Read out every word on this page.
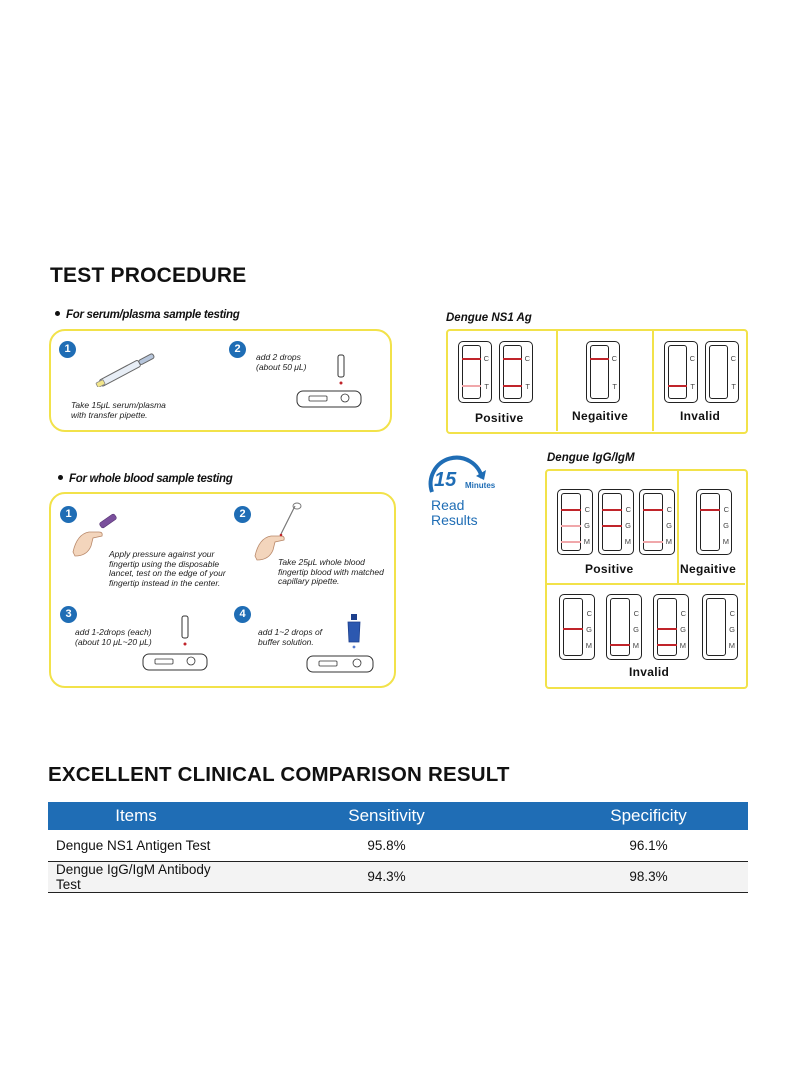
TEST PROCEDURE
For serum/plasma sample testing
1
Take 15μL serum/plasma
with transfer pipette.
2
add 2 drops
(about 50 μL)
For whole blood sample testing
1
Apply pressure against your
fingertip using the disposable
lancet, test on the edge of your
fingertip instead in the center.
2
Take 25μL whole blood
fingertip blood with matched
capillary pipette.
3
add 1-2drops (each)
(about 10 μL~20 μL)
4
add 1~2 drops of
buffer solution.
15 Minutes
Read
Results
Dengue NS1 Ag
C
T
C
T
Positive
C
T
Negaitive
C
T
C
T
Invalid
Dengue IgG/IgM
C
G
M
C
G
M
C
G
M
Positive
C
G
M
Negaitive
C
G
M
C
G
M
C
G
M
C
G
M
Invalid
EXCELLENT CLINICAL COMPARISON RESULT
Items	Sensitivity	Specificity
Dengue NS1 Antigen Test	95.8%	96.1%
Dengue IgG/IgM Antibody Test	94.3%	98.3%
